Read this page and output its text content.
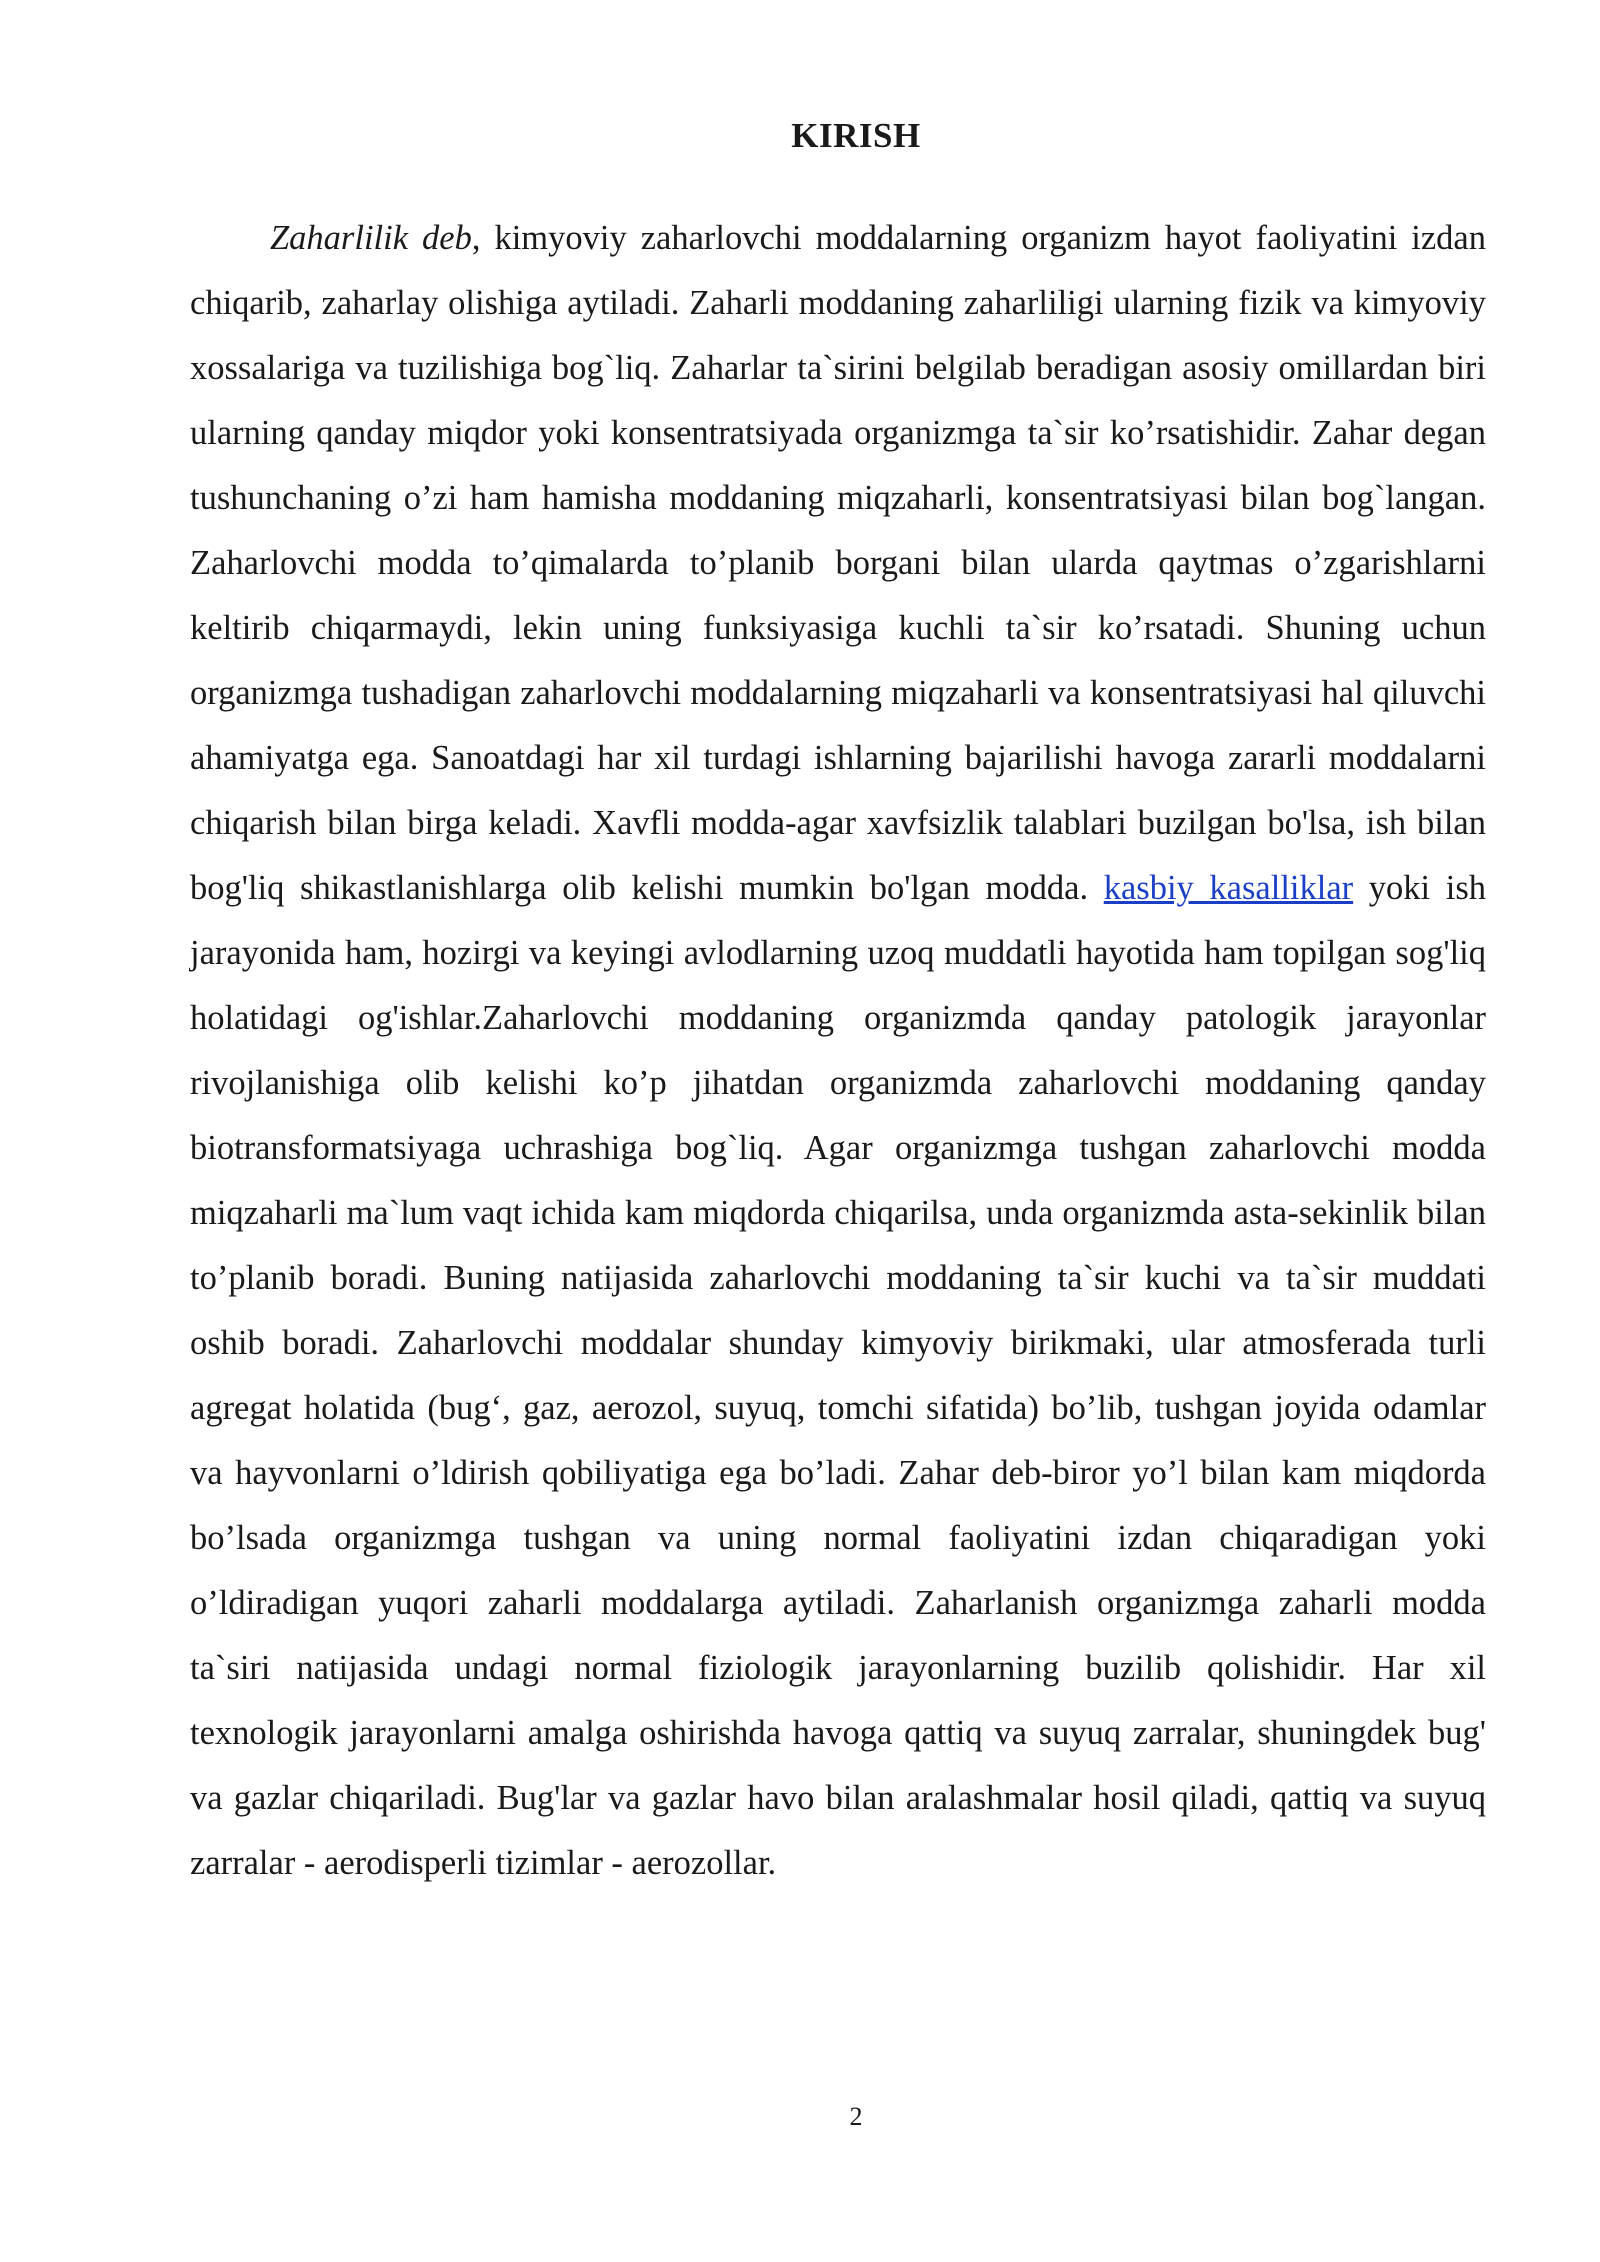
KIRISH

Zaharlilik deb, kimyoviy zaharlovchi moddalarning organizm hayot faoliyatini izdan chiqarib, zaharlay olishiga aytiladi. Zaharli moddaning zaharliligi ularning fizik va kimyoviy xossalariga va tuzilishiga bog`liq. Zaharlar ta`sirini belgilab beradigan asosiy omillardan biri ularning qanday miqdor yoki konsentratsiyada organizmga ta`sir ko’rsatishidir. Zahar degan tushunchaning o’zi ham hamisha moddaning miqzaharli, konsentratsiyasi bilan bog`langan. Zaharlovchi modda to’qimalarda to’planib borgani bilan ularda qaytmas o’zgarishlarni keltirib chiqarmaydi, lekin uning funksiyasiga kuchli ta`sir ko’rsatadi. Shuning uchun organizmga tushadigan zaharlovchi moddalarning miqzaharli va konsentratsiyasi hal qiluvchi ahamiyatga ega. Sanoatdagi har xil turdagi ishlarning bajarilishi havoga zararli moddalarni chiqarish bilan birga keladi. Xavfli modda-agar xavfsizlik talablari buzilgan bo'lsa, ish bilan bog'liq shikastlanishlarga olib kelishi mumkin bo'lgan modda. kasbiy kasalliklar yoki ish jarayonida ham, hozirgi va keyingi avlodlarning uzoq muddatli hayotida ham topilgan sog'liq holatidagi og'ishlar.Zaharlovchi moddaning organizmda qanday patologik jarayonlar rivojlanishiga olib kelishi ko’p jihatdan organizmda zaharlovchi moddaning qanday biotransformatsiyaga uchrashiga bog`liq. Agar organizmga tushgan zaharlovchi modda miqzaharli ma`lum vaqt ichida kam miqdorda chiqarilsa, unda organizmda asta-sekinlik bilan to’planib boradi. Buning natijasida zaharlovchi moddaning ta`sir kuchi va ta`sir muddati oshib boradi. Zaharlovchi moddalar shunday kimyoviy birikmaki, ular atmosferada turli agregat holatida (bug‘, gaz, aerozol, suyuq, tomchi sifatida) bo’lib, tushgan joyida odamlar va hayvonlarni o’ldirish qobiliyatiga ega bo’ladi. Zahar deb-biror yo’l bilan kam miqdorda bo’lsada organizmga tushgan va uning normal faoliyatini izdan chiqaradigan yoki o’ldiradigan yuqori zaharli moddalarga aytiladi. Zaharlanish organizmga zaharli modda ta`siri natijasida undagi normal fiziologik jarayonlarning buzilib qolishidir. Har xil texnologik jarayonlarni amalga oshirishda havoga qattiq va suyuq zarralar, shuningdek bug' va gazlar chiqariladi. Bug'lar va gazlar havo bilan aralashmalar hosil qiladi, qattiq va suyuq zarralar - aerodisperli tizimlar - aerozollar.

2
